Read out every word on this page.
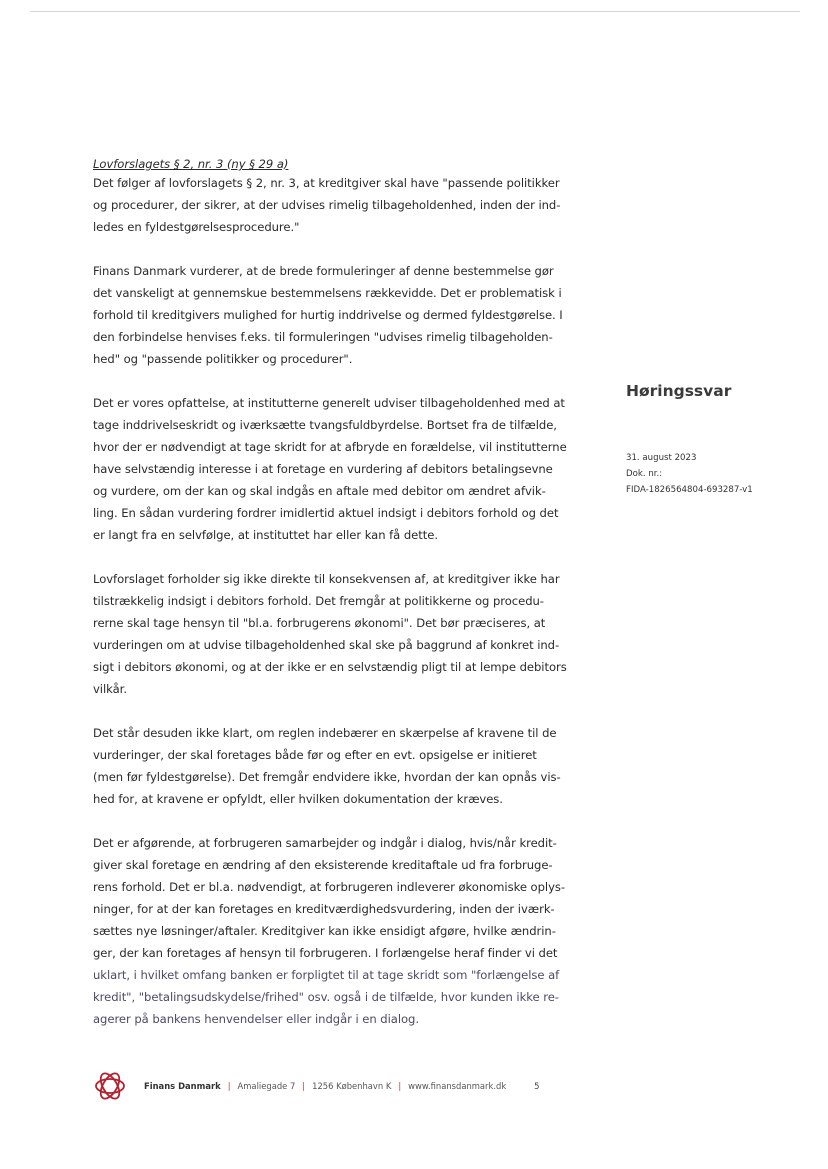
Lovforslagets § 2, nr. 3 (ny § 29 a)
Det følger af lovforslagets § 2, nr. 3, at kreditgiver skal have "passende politikker
og procedurer, der sikrer, at der udvises rimelig tilbageholdenhed, inden der ind-
ledes en fyldestgørelsesprocedure."
Finans Danmark vurderer, at de brede formuleringer af denne bestemmelse gør
det vanskeligt at gennemskue bestemmelsens rækkevidde. Det er problematisk i
forhold til kreditgivers mulighed for hurtig inddrivelse og dermed fyldestgørelse. I
den forbindelse henvises f.eks. til formuleringen "udvises rimelig tilbageholden-
hed" og "passende politikker og procedurer".
Det er vores opfattelse, at institutterne generelt udviser tilbageholdenhed med at
tage inddrivelseskridt og iværksætte tvangsfuldbyrdelse. Bortset fra de tilfælde,
hvor der er nødvendigt at tage skridt for at afbryde en forældelse, vil institutterne
have selvstændig interesse i at foretage en vurdering af debitors betalingsevne
og vurdere, om der kan og skal indgås en aftale med debitor om ændret afvik-
ling. En sådan vurdering fordrer imidlertid aktuel indsigt i debitors forhold og det
er langt fra en selvfølge, at instituttet har eller kan få dette.
Lovforslaget forholder sig ikke direkte til konsekvensen af, at kreditgiver ikke har
tilstrækkelig indsigt i debitors forhold. Det fremgår at politikkerne og procedu-
rerne skal tage hensyn til "bl.a. forbrugerens økonomi". Det bør præciseres, at
vurderingen om at udvise tilbageholdenhed skal ske på baggrund af konkret ind-
sigt i debitors økonomi, og at der ikke er en selvstændig pligt til at lempe debitors
vilkår.
Det står desuden ikke klart, om reglen indebærer en skærpelse af kravene til de
vurderinger, der skal foretages både før og efter en evt. opsigelse er initieret
(men før fyldestgørelse). Det fremgår endvidere ikke, hvordan der kan opnås vis-
hed for, at kravene er opfyldt, eller hvilken dokumentation der kræves.
Det er afgørende, at forbrugeren samarbejder og indgår i dialog, hvis/når kredit-
giver skal foretage en ændring af den eksisterende kreditaftale ud fra forbruge-
rens forhold. Det er bl.a. nødvendigt, at forbrugeren indleverer økonomiske oplys-
ninger, for at der kan foretages en kreditværdighedsvurdering, inden der iværk-
sættes nye løsninger/aftaler. Kreditgiver kan ikke ensidigt afgøre, hvilke ændrin-
ger, der kan foretages af hensyn til forbrugeren. I forlængelse heraf finder vi det
uklart, i hvilket omfang banken er forpligtet til at tage skridt som "forlængelse af
kredit", "betalingsudskydelse/frihed" osv. også i de tilfælde, hvor kunden ikke re-
agerer på bankens henvendelser eller indgår i en dialog.
Høringssvar
31. august 2023
Dok. nr.:
FIDA-1826564804-693287-v1
Finans Danmark | Amaliegade 7 | 1256 København K | www.finansdanmark.dk	5
